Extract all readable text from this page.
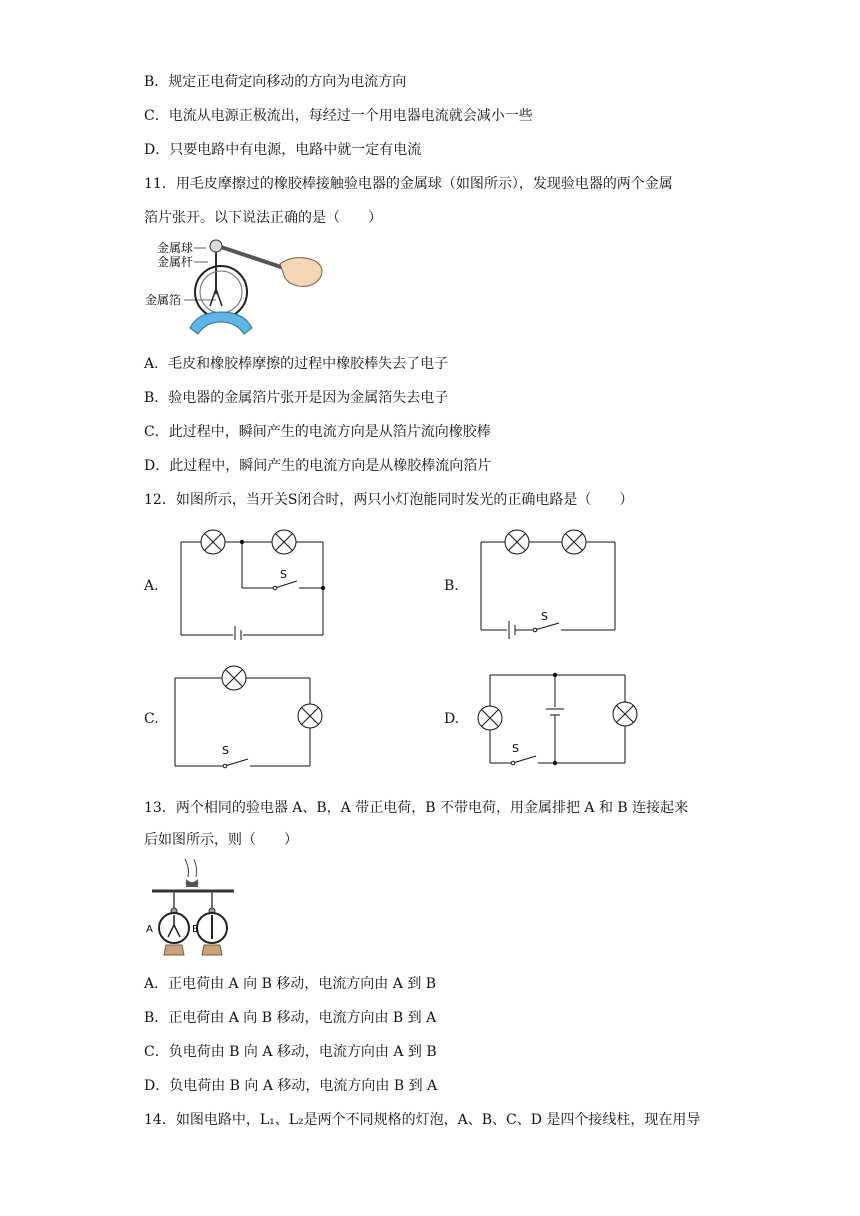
B．规定正电荷定向移动的方向为电流方向
C．电流从电源正极流出，每经过一个用电器电流就会减小一些
D．只要电路中有电源，电路中就一定有电流
11．用毛皮摩擦过的橡胶棒接触验电器的金属球（如图所示），发现验电器的两个金属
箔片张开。以下说法正确的是（　　）
金属球
金属杆
金属箔
A．毛皮和橡胶棒摩擦的过程中橡胶棒失去了电子
B．验电器的金属箔片张开是因为金属箔失去电子
C．此过程中，瞬间产生的电流方向是从箔片流向橡胶棒
D．此过程中，瞬间产生的电流方向是从橡胶棒流向箔片
12．如图所示，当开关S闭合时，两只小灯泡能同时发光的正确电路是（　　）
A.
S
B.
S
C.
S
D.
S
13．两个相同的验电器 A、B，A 带正电荷，B 不带电荷，用金属排把 A 和 B 连接起来
后如图所示，则（　　）
A	B
A．正电荷由 A 向 B 移动，电流方向由 A 到 B
B．正电荷由 A 向 B 移动，电流方向由 B 到 A
C．负电荷由 B 向 A 移动，电流方向由 A 到 B
D．负电荷由 B 向 A 移动，电流方向由 B 到 A
14．如图电路中，L₁、L₂是两个不同规格的灯泡，A、B、C、D 是四个接线柱，现在用导
